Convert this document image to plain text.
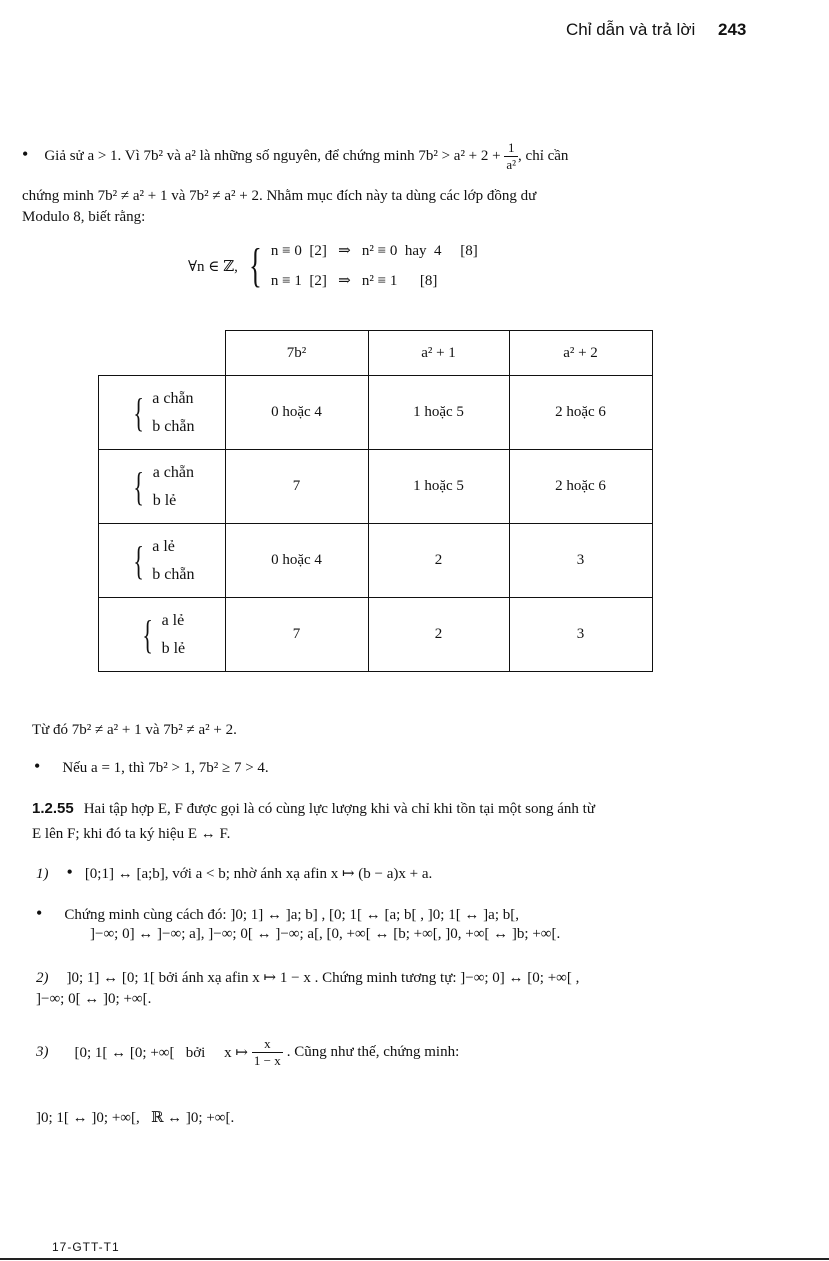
Chỉ dẫn và trả lời 243
• Giả sử a > 1. Vì 7b² và a² là những số nguyên, để chứng minh $7b^2 > a^2 + 2 + \frac{1}{\text{a²}}$ , chỉ cần
chứng minh 7b² ≠ a² + 1 và 7b² ≠ a² + 2. Nhằm mục đích này ta dùng các lớp đồng dư
Modulo 8, biết rằng:
∀n ∈ ℤ, { n ≡ 0  [2]   ⇒   n² ≡ 0  hay  4     [8]
n ≡ 1  [2]   ⇒   n² ≡ 1      [8]
	7b²	a² + 1	a² + 2

{ a chẵn
b chẵn	0 hoặc 4	1 hoặc 5	2 hoặc 6

{ a chẵn
b lẻ	7	1 hoặc 5	2 hoặc 6

{ a lẻ
b chẵn	0 hoặc 4	2	3

{ a lẻ
b lẻ	7	2	3
Từ đó 7b² ≠ a² + 1 và 7b² ≠ a² + 2.
• Nếu a = 1, thì 7b² > 1, 7b² ≥ 7 > 4.
1.2.55 Hai tập hợp E, F được gọi là có cùng lực lượng khi và chỉ khi tồn tại một song ánh từ
E lên F; khi đó ta ký hiệu E ↔ F.
1) • [0;1] ↔ [a;b], với a < b; nhờ ánh xạ afin x ↦ (b − a)x + a.
• Chứng minh cùng cách đó: ]0; 1] ↔ ]a; b] , [0; 1[ ↔ [a; b[ , ]0; 1[ ↔ ]a; b[,
]−∞; 0] ↔ ]−∞; a], ]−∞; 0[ ↔ ]−∞; a[, [0, +∞[ ↔ [b; +∞[, ]0, +∞[ ↔ ]b; +∞[.
2) ]0; 1] ↔ [0; 1[ bởi ánh xạ afin x ↦ 1 − x . Chứng minh tương tự: ]−∞; 0] ↔ [0; +∞[ ,
]−∞; 0[ ↔ ]0; +∞[.
3) [0; 1[ ↔ [0; +∞[   bởi     x ↦ $\frac{x}{1 - x}$ . Cũng như thế, chứng minh:
]0; 1[ ↔ ]0; +∞[,   ℝ ↔ ]0; +∞[.
17-GTT-T1
